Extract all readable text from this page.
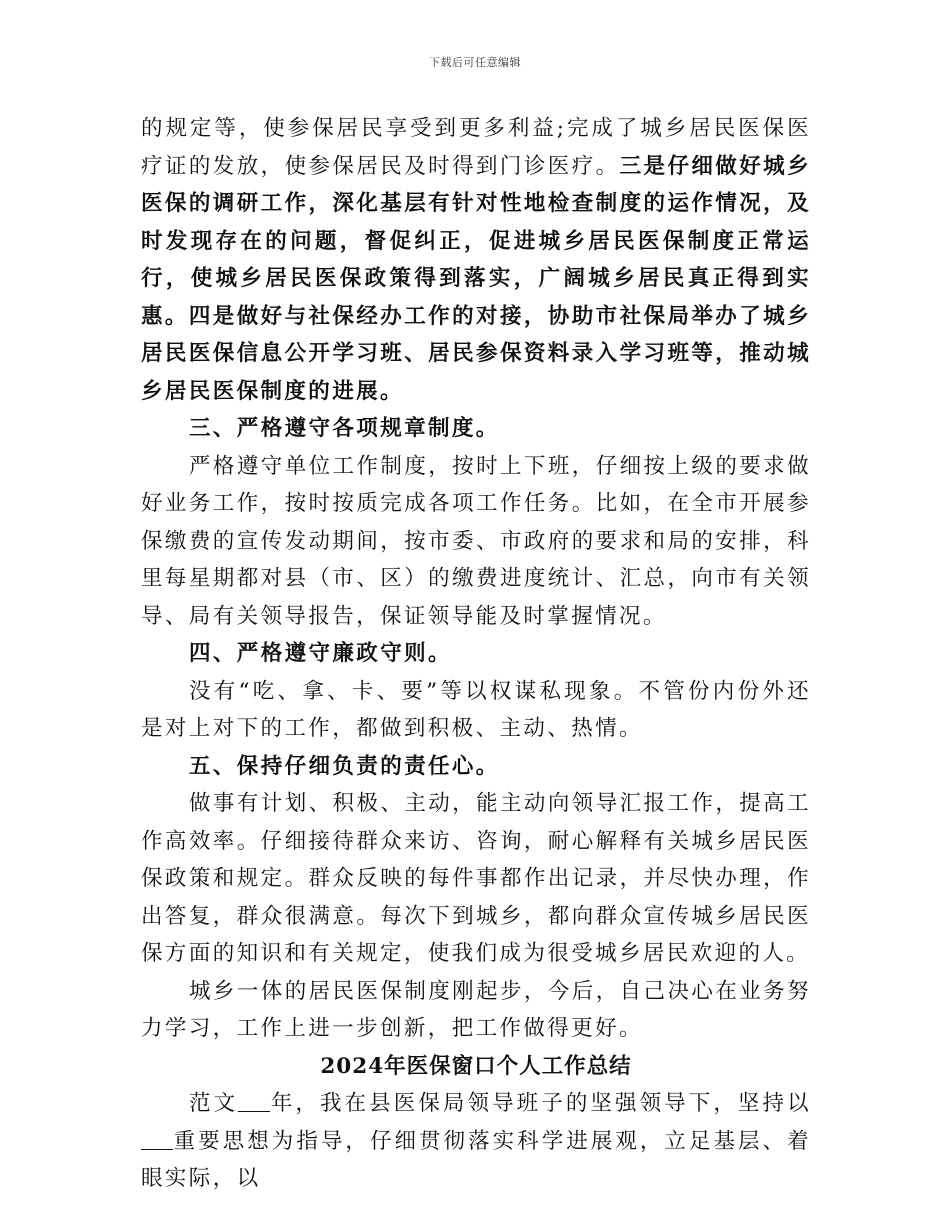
下载后可任意编辑

的规定等，使参保居民享受到更多利益;完成了城乡居民医保医疗证的发放，使参保居民及时得到门诊医疗。三是仔细做好城乡医保的调研工作，深化基层有针对性地检查制度的运作情况，及时发现存在的问题，督促纠正，促进城乡居民医保制度正常运行，使城乡居民医保政策得到落实，广阔城乡居民真正得到实惠。四是做好与社保经办工作的对接，协助市社保局举办了城乡居民医保信息公开学习班、居民参保资料录入学习班等，推动城乡居民医保制度的进展。

三、严格遵守各项规章制度。

严格遵守单位工作制度，按时上下班，仔细按上级的要求做好业务工作，按时按质完成各项工作任务。比如，在全市开展参保缴费的宣传发动期间，按市委、市政府的要求和局的安排，科里每星期都对县（市、区）的缴费进度统计、汇总，向市有关领导、局有关领导报告，保证领导能及时掌握情况。

四、严格遵守廉政守则。

没有“吃、拿、卡、要”等以权谋私现象。不管份内份外还是对上对下的工作，都做到积极、主动、热情。

五、保持仔细负责的责任心。

做事有计划、积极、主动，能主动向领导汇报工作，提高工作高效率。仔细接待群众来访、咨询，耐心解释有关城乡居民医保政策和规定。群众反映的每件事都作出记录，并尽快办理，作出答复，群众很满意。每次下到城乡，都向群众宣传城乡居民医保方面的知识和有关规定，使我们成为很受城乡居民欢迎的人。

城乡一体的居民医保制度刚起步，今后，自己决心在业务努力学习，工作上进一步创新，把工作做得更好。

2024年医保窗口个人工作总结

范文 年，我在县医保局领导班子的坚强领导下，坚持以重要思想为指导，仔细贯彻落实科学进展观，立足基层、着眼实际，以
